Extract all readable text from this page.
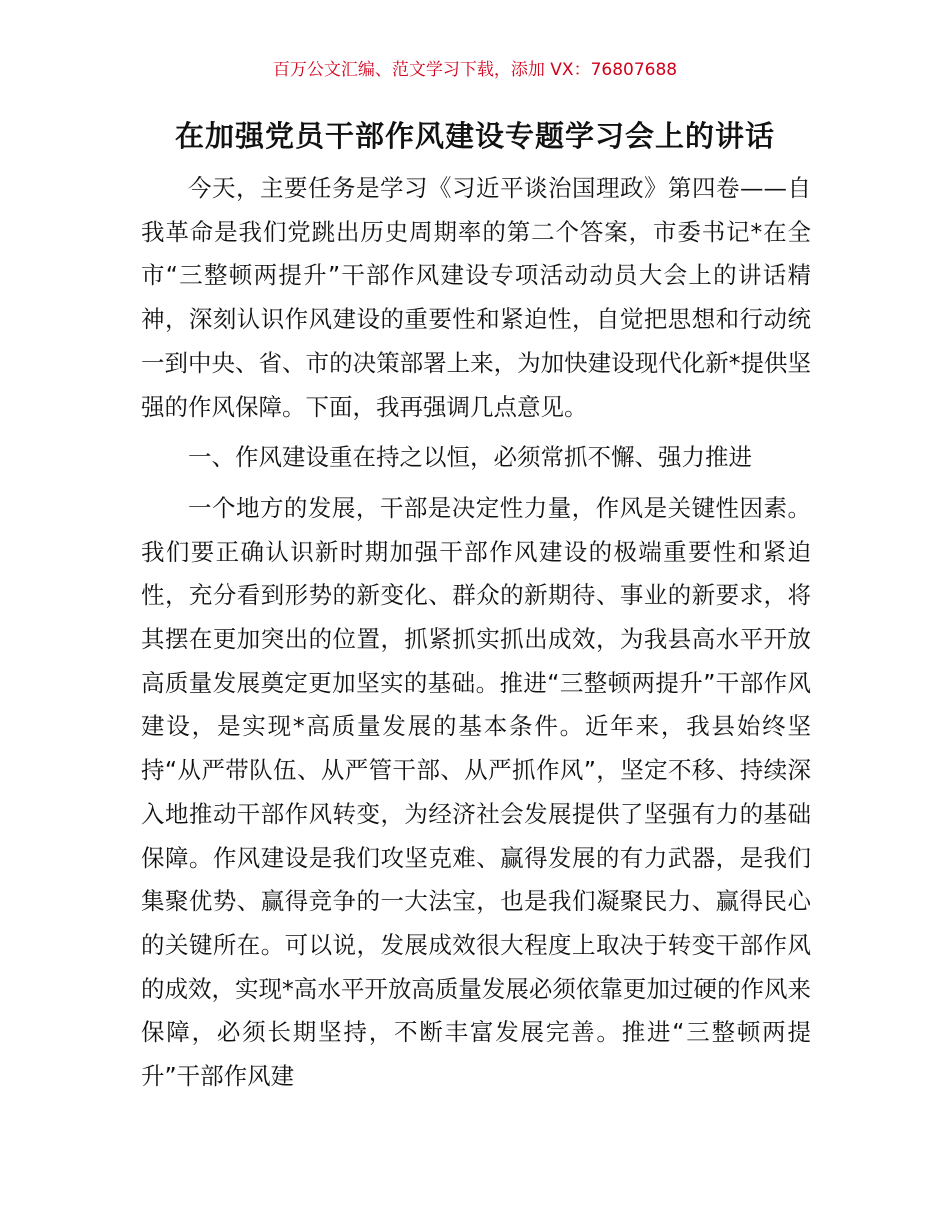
百万公文汇编、范文学习下载，添加 VX：76807688
在加强党员干部作风建设专题学习会上的讲话

今天，主要任务是学习《习近平谈治国理政》第四卷——自我革命是我们党跳出历史周期率的第二个答案，市委书记*在全市“三整顿两提升”干部作风建设专项活动动员大会上的讲话精神，深刻认识作风建设的重要性和紧迫性，自觉把思想和行动统一到中央、省、市的决策部署上来，为加快建设现代化新*提供坚强的作风保障。下面，我再强调几点意见。

一、作风建设重在持之以恒，必须常抓不懈、强力推进

一个地方的发展，干部是决定性力量，作风是关键性因素。我们要正确认识新时期加强干部作风建设的极端重要性和紧迫性，充分看到形势的新变化、群众的新期待、事业的新要求，将其摆在更加突出的位置，抓紧抓实抓出成效，为我县高水平开放高质量发展奠定更加坚实的基础。推进“三整顿两提升”干部作风建设，是实现*高质量发展的基本条件。近年来，我县始终坚持“从严带队伍、从严管干部、从严抓作风”，坚定不移、持续深入地推动干部作风转变，为经济社会发展提供了坚强有力的基础保障。作风建设是我们攻坚克难、赢得发展的有力武器，是我们集聚优势、赢得竞争的一大法宝，也是我们凝聚民力、赢得民心的关键所在。可以说，发展成效很大程度上取决于转变干部作风的成效，实现*高水平开放高质量发展必须依靠更加过硬的作风来保障，必须长期坚持，不断丰富发展完善。推进“三整顿两提升”干部作风建
